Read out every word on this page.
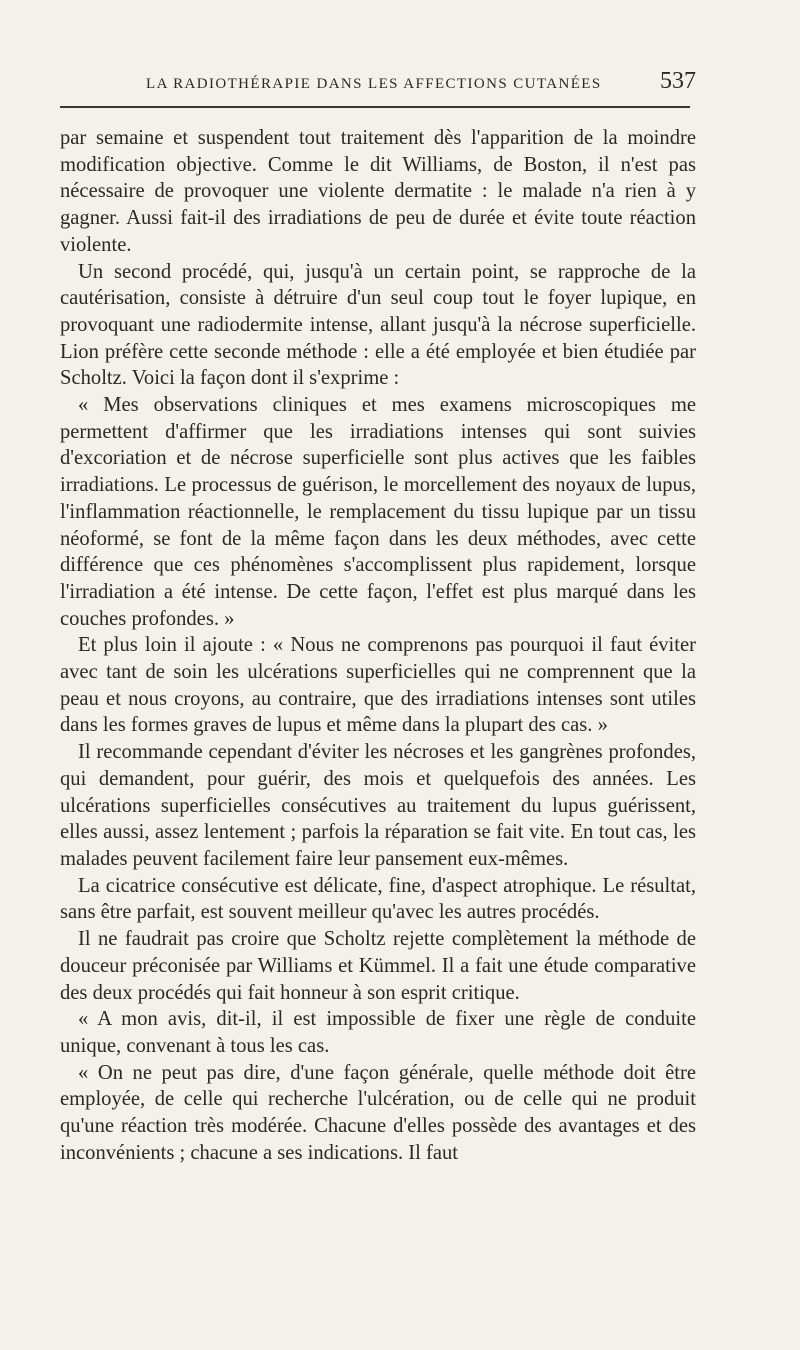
LA RADIOTHÉRAPIE DANS LES AFFECTIONS CUTANÉES 537

par semaine et suspendent tout traitement dès l'apparition de la moindre modification objective. Comme le dit Williams, de Boston, il n'est pas nécessaire de provoquer une violente dermatite : le malade n'a rien à y gagner. Aussi fait-il des irradiations de peu de durée et évite toute réaction violente.

Un second procédé, qui, jusqu'à un certain point, se rapproche de la cautérisation, consiste à détruire d'un seul coup tout le foyer lupique, en provoquant une radiodermite intense, allant jusqu'à la nécrose superficielle. Lion préfère cette seconde méthode : elle a été employée et bien étudiée par Scholtz. Voici la façon dont il s'exprime :

« Mes observations cliniques et mes examens microscopiques me permettent d'affirmer que les irradiations intenses qui sont suivies d'excoriation et de nécrose superficielle sont plus actives que les faibles irradiations. Le processus de guérison, le morcellement des noyaux de lupus, l'inflammation réactionnelle, le remplacement du tissu lupique par un tissu néoformé, se font de la même façon dans les deux méthodes, avec cette différence que ces phénomènes s'accomplissent plus rapidement, lorsque l'irradiation a été intense. De cette façon, l'effet est plus marqué dans les couches profondes. »

Et plus loin il ajoute : « Nous ne comprenons pas pourquoi il faut éviter avec tant de soin les ulcérations superficielles qui ne comprennent que la peau et nous croyons, au contraire, que des irradiations intenses sont utiles dans les formes graves de lupus et même dans la plupart des cas. »

Il recommande cependant d'éviter les nécroses et les gangrènes profondes, qui demandent, pour guérir, des mois et quelquefois des années. Les ulcérations superficielles consécutives au traitement du lupus guérissent, elles aussi, assez lentement ; parfois la réparation se fait vite. En tout cas, les malades peuvent facilement faire leur pansement eux-mêmes.

La cicatrice consécutive est délicate, fine, d'aspect atrophique. Le résultat, sans être parfait, est souvent meilleur qu'avec les autres procédés.

Il ne faudrait pas croire que Scholtz rejette complètement la méthode de douceur préconisée par Williams et Kümmel. Il a fait une étude comparative des deux procédés qui fait honneur à son esprit critique.

« A mon avis, dit-il, il est impossible de fixer une règle de conduite unique, convenant à tous les cas.

« On ne peut pas dire, d'une façon générale, quelle méthode doit être employée, de celle qui recherche l'ulcération, ou de celle qui ne produit qu'une réaction très modérée. Chacune d'elles possède des avantages et des inconvénients ; chacune a ses indications. Il faut
